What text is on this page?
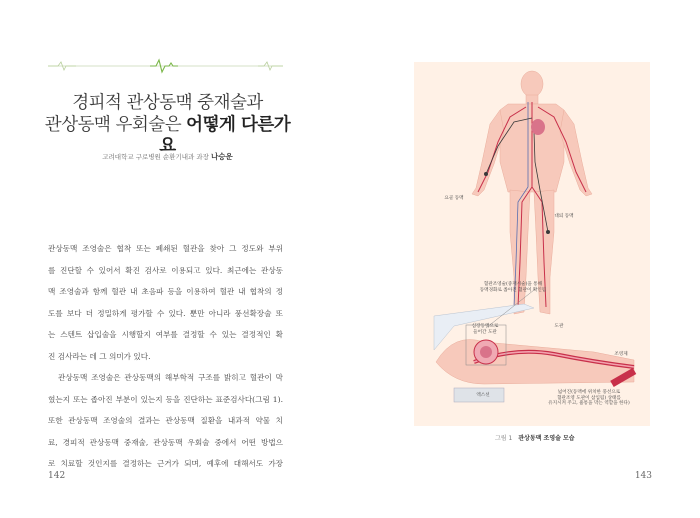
경피적 관상동맥 중재술과
관상동맥 우회술은 어떻게 다른가요
고려대학교 구로병원 순환기내과 과장 나승운

관상동맥 조영술은 협착 또는 폐쇄된 혈관을 찾아 그 정도와 부위

를 진단할 수 있어서 확진 검사로 이용되고 있다. 최근에는 관상동

맥 조영술과 함께 혈관 내 초음파 등을 이용하여 혈관 내 협착의 정

도를 보다 더 정밀하게 평가할 수 있다. 뿐만 아니라 풍선확장술 또

는 스텐트 삽입술을 시행할지 여부를 결정할 수 있는 결정적인 확

진 검사라는 데 그 의미가 있다.

관상동맥 조영술은 관상동맥의 해부학적 구조를 밝히고 혈관이 막

혔는지 또는 좁아진 부분이 있는지 등을 진단하는 표준검사다(그림 1).

또한 관상동맥 조영술의 결과는 관상동맥 질환을 내과적 약물 치

료, 경피적 관상동맥 중재술, 관상동맥 우회술 중에서 어떤 방법으

로 치료할 것인지를 결정하는 근거가 되며, 예후에 대해서도 가장

142
요골 동맥
대퇴 동맥
혈관조영술(중재시술)을 통해
동맥경화로 좁아진 혈관이 확인됨
심장동맥으로
들어간 도관
도관
조영제
엑스선
넓어진(동맥에 위치한 풍선으로
혈관조영 도관이 삽입됨) 상태를
유지시켜 주고, 흉통을 막는 역할을 한다)
그림 1 관상동맥 조영술 모습
143
